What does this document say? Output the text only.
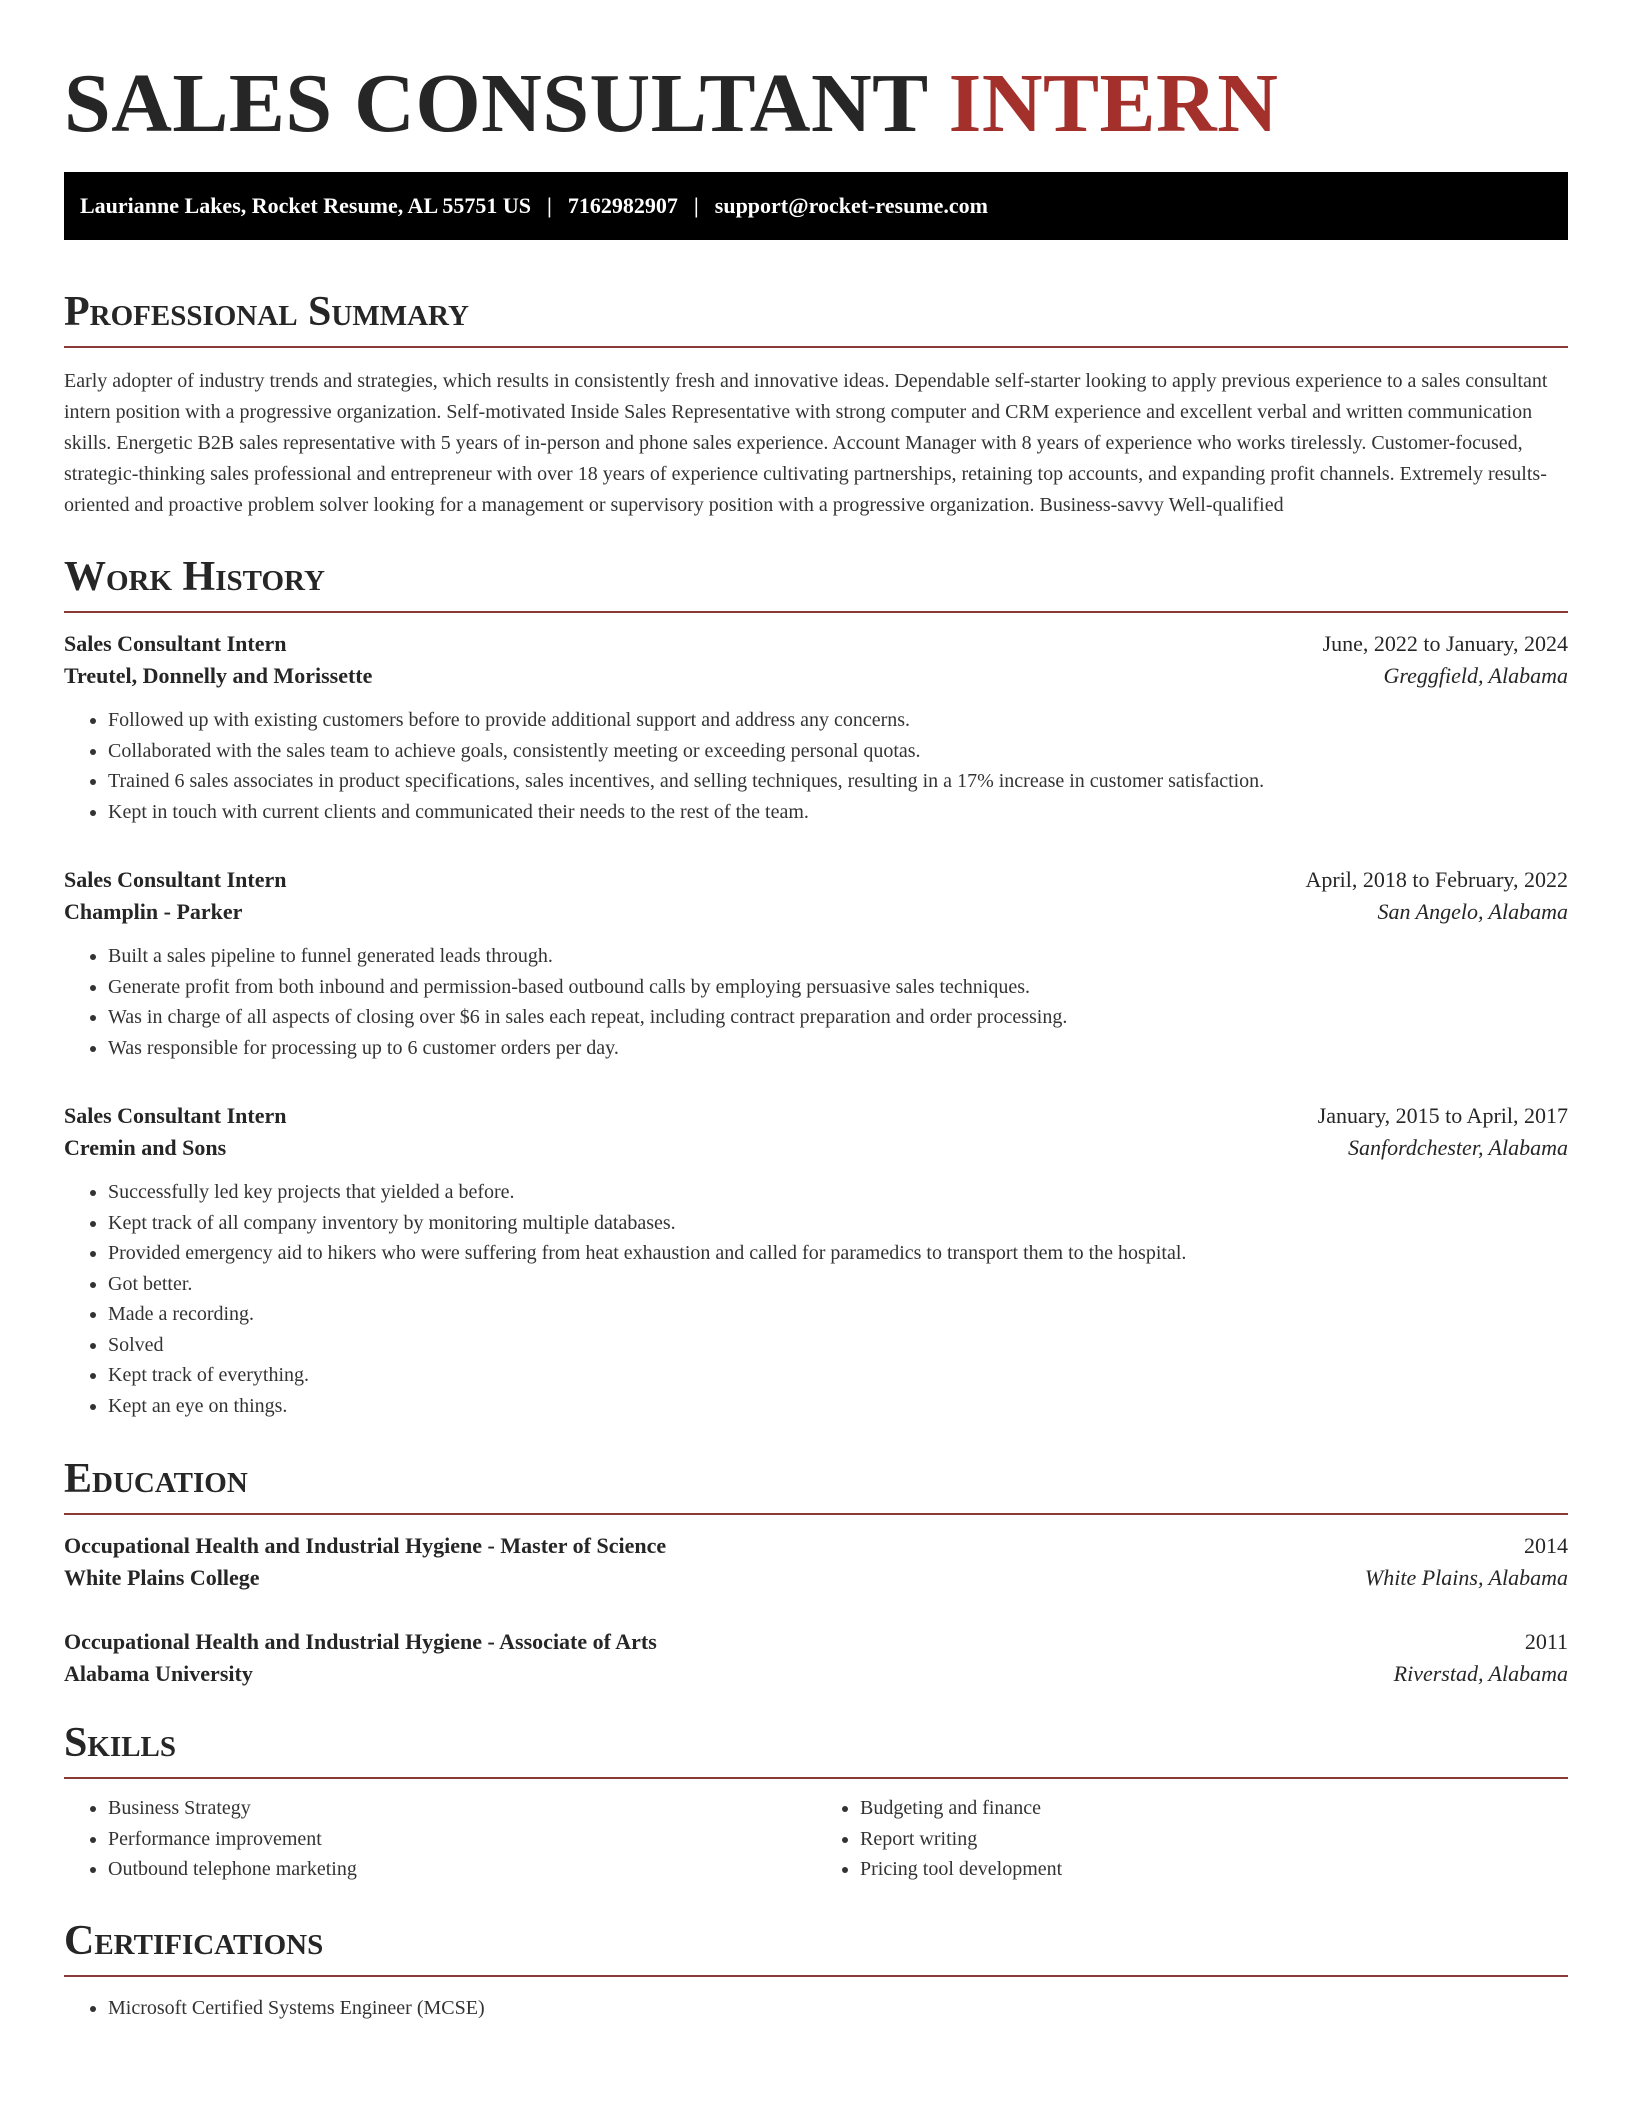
SALES CONSULTANT INTERN
Laurianne Lakes, Rocket Resume, AL 55751 US | 7162982907 | support@rocket-resume.com
Professional Summary

Early adopter of industry trends and strategies, which results in consistently fresh and innovative ideas. Dependable self-starter looking to apply previous experience to a sales consultant intern position with a progressive organization. Self-motivated Inside Sales Representative with strong computer and CRM experience and excellent verbal and written communication skills. Energetic B2B sales representative with 5 years of in-person and phone sales experience. Account Manager with 8 years of experience who works tirelessly. Customer-focused, strategic-thinking sales professional and entrepreneur with over 18 years of experience cultivating partnerships, retaining top accounts, and expanding profit channels. Extremely results-oriented and proactive problem solver looking for a management or supervisory position with a progressive organization. Business-savvy Well-qualified

Work History
Sales Consultant Intern	June, 2022 to January, 2024
Treutel, Donnelly and Morissette	Greggfield, Alabama
• Followed up with existing customers before to provide additional support and address any concerns.
• Collaborated with the sales team to achieve goals, consistently meeting or exceeding personal quotas.
• Trained 6 sales associates in product specifications, sales incentives, and selling techniques, resulting in a 17% increase in customer satisfaction.
• Kept in touch with current clients and communicated their needs to the rest of the team.
Sales Consultant Intern	April, 2018 to February, 2022
Champlin - Parker	San Angelo, Alabama
• Built a sales pipeline to funnel generated leads through.
• Generate profit from both inbound and permission-based outbound calls by employing persuasive sales techniques.
• Was in charge of all aspects of closing over $6 in sales each repeat, including contract preparation and order processing.
• Was responsible for processing up to 6 customer orders per day.
Sales Consultant Intern	January, 2015 to April, 2017
Cremin and Sons	Sanfordchester, Alabama
• Successfully led key projects that yielded a before.
• Kept track of all company inventory by monitoring multiple databases.
• Provided emergency aid to hikers who were suffering from heat exhaustion and called for paramedics to transport them to the hospital.
• Got better.
• Made a recording.
• Solved
• Kept track of everything.
• Kept an eye on things.
Education
Occupational Health and Industrial Hygiene - Master of Science	2014
White Plains College	White Plains, Alabama
Occupational Health and Industrial Hygiene - Associate of Arts	2011
Alabama University	Riverstad, Alabama
Skills
• Business Strategy
• Performance improvement
• Outbound telephone marketing
• Budgeting and finance
• Report writing
• Pricing tool development
Certifications
• Microsoft Certified Systems Engineer (MCSE)
